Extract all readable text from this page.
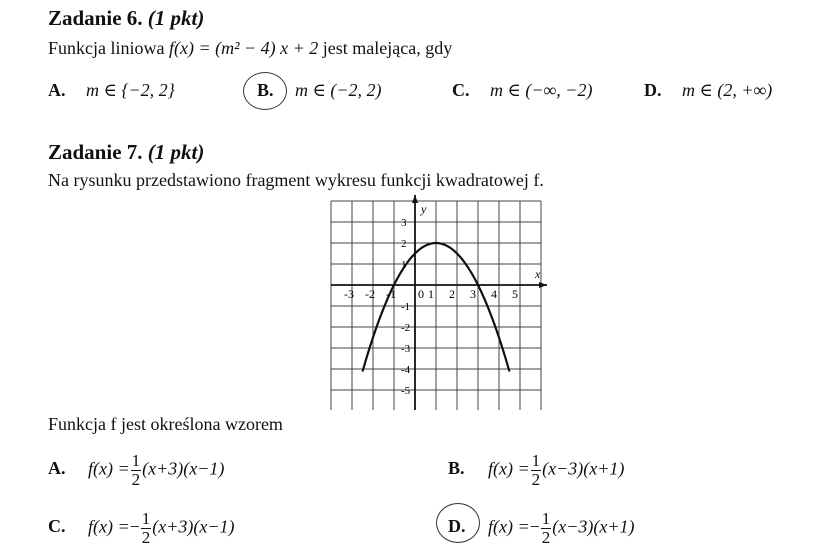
Zadanie 6. (1 pkt)
Funkcja liniowa f(x) = (m² − 4) x + 2 jest malejąca, gdy
A. m ∈ {−2, 2}	B. m ∈ (−2, 2)	C. m ∈ (−∞, −2)	D. m ∈ (2, +∞)
Zadanie 7. (1 pkt)
Na rysunku przedstawiono fragment wykresu funkcji kwadratowej f.
-3 -2 -1 0 1 2 3 4 5
3
2
1
-1
-2
-3
-4
-5
x
y
Funkcja f jest określona wzorem
A. $f(x) = \frac{1}{2} (x+3)(x-1)$	B. $f(x) = \frac{1}{2} (x-3)(x+1)$
C. $f(x) =- \frac{1}{2} (x+3)(x-1)$	D. $f(x) =- \frac{1}{2} (x-3)(x+1)$
